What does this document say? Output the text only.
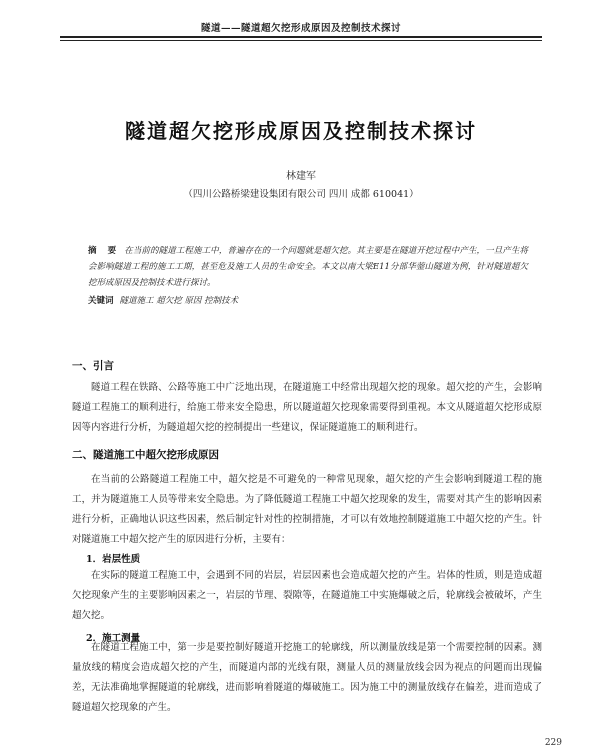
隧道——隧道超欠挖形成原因及控制技术探讨
隧道超欠挖形成原因及控制技术探讨
林建军
（四川公路桥梁建设集团有限公司 四川 成都 610041）
摘 要 在当前的隧道工程施工中，普遍存在的一个问题就是超欠挖。其主要是在隧道开挖过程中产生，一旦产生将会影响隧道工程的施工工期，甚至危及施工人员的生命安全。本文以南大梁E11分部华蓥山隧道为例，针对隧道超欠挖形成原因及控制技术进行探讨。
关键词 隧道施工 超欠挖 原因 控制技术
一、引言
隧道工程在铁路、公路等施工中广泛地出现，在隧道施工中经常出现超欠挖的现象。超欠挖的产生，会影响隧道工程施工的顺利进行，给施工带来安全隐患，所以隧道超欠挖现象需要得到重视。本文从隧道超欠挖形成原因等内容进行分析，为隧道超欠挖的控制提出一些建议，保证隧道施工的顺利进行。
二、隧道施工中超欠挖形成原因
在当前的公路隧道工程施工中，超欠挖是不可避免的一种常见现象，超欠挖的产生会影响到隧道工程的施工，并为隧道施工人员等带来安全隐患。为了降低隧道工程施工中超欠挖现象的发生，需要对其产生的影响因素进行分析，正确地认识这些因素，然后制定针对性的控制措施，才可以有效地控制隧道施工中超欠挖的产生。针对隧道施工中超欠挖产生的原因进行分析，主要有：
1．岩层性质
在实际的隧道工程施工中，会遇到不同的岩层，岩层因素也会造成超欠挖的产生。岩体的性质，则是造成超欠挖现象产生的主要影响因素之一，岩层的节理、裂隙等，在隧道施工中实施爆破之后，轮廓线会被破坏，产生超欠挖。
2．施工测量
在隧道工程施工中，第一步是要控制好隧道开挖施工的轮廓线，所以测量放线是第一个需要控制的因素。测量放线的精度会造成超欠挖的产生，而隧道内部的光线有限，测量人员的测量放线会因为视点的问题而出现偏差，无法准确地掌握隧道的轮廓线，进而影响着隧道的爆破施工。因为施工中的测量放线存在偏差，进而造成了隧道超欠挖现象的产生。
229
